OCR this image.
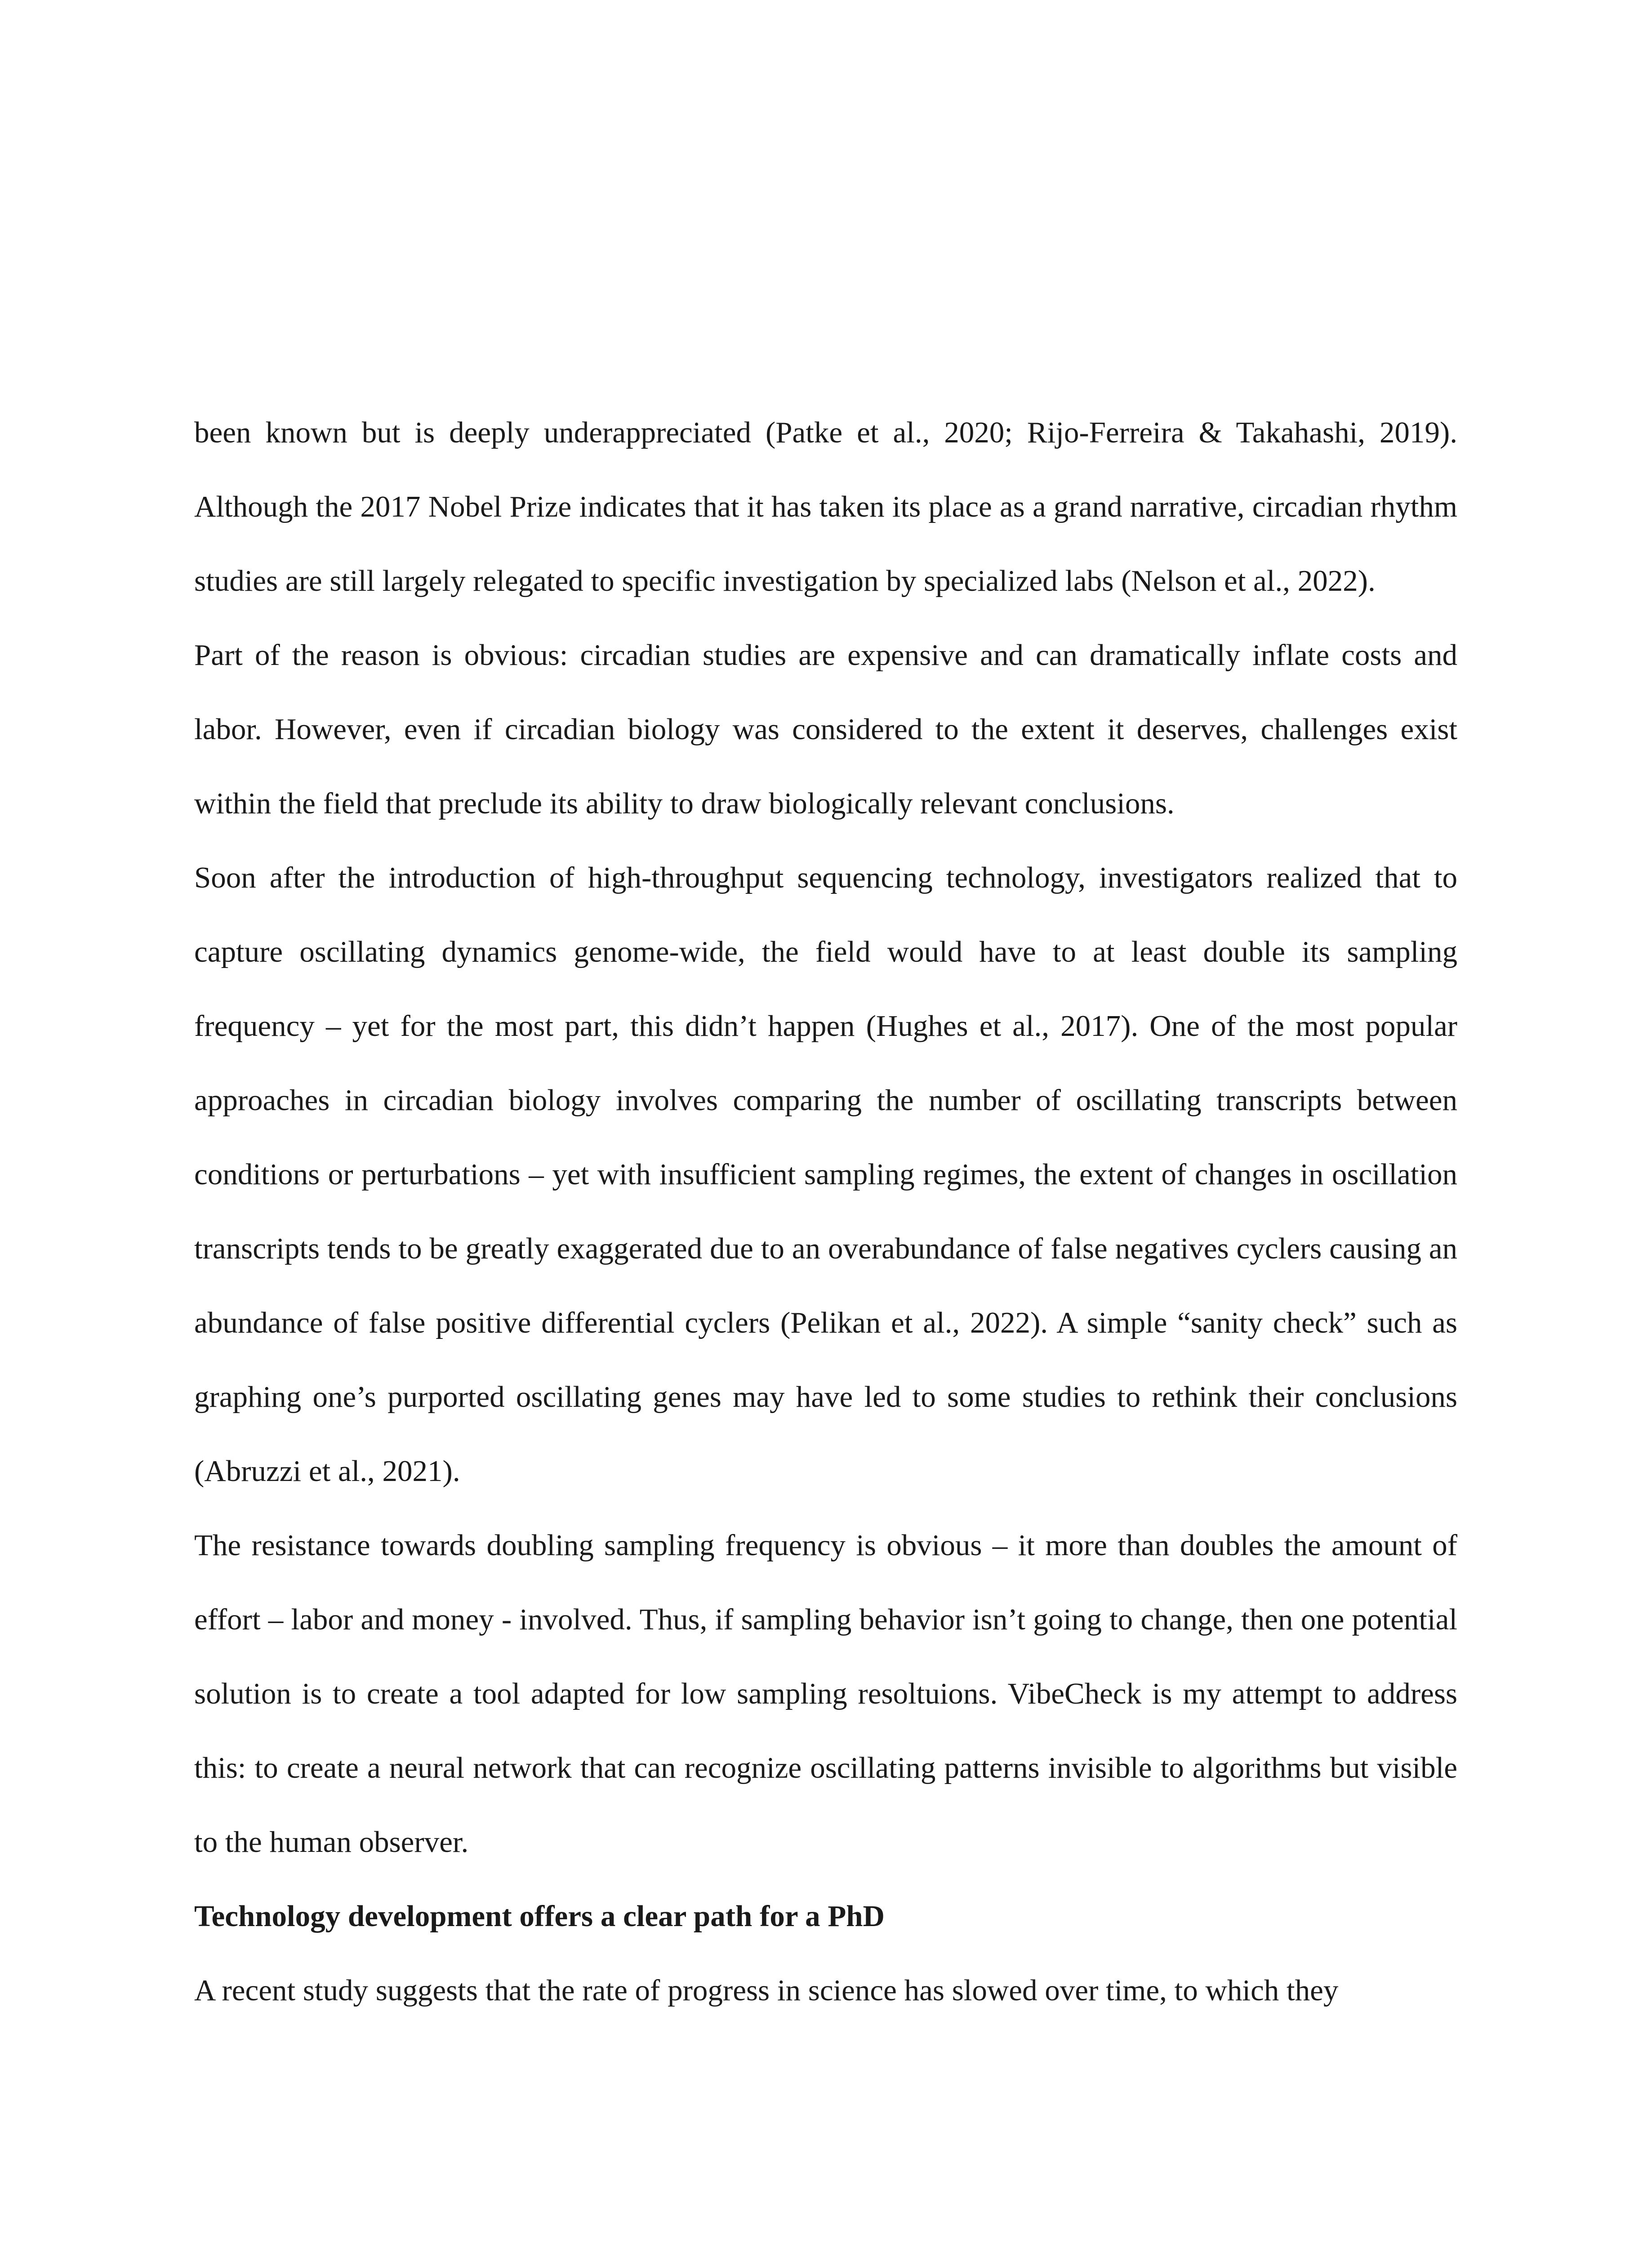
been known but is deeply underappreciated (Patke et al., 2020; Rijo-Ferreira & Takahashi, 2019). Although the 2017 Nobel Prize indicates that it has taken its place as a grand narrative, circadian rhythm studies are still largely relegated to specific investigation by specialized labs (Nelson et al., 2022).

Part of the reason is obvious: circadian studies are expensive and can dramatically inflate costs and labor. However, even if circadian biology was considered to the extent it deserves, challenges exist within the field that preclude its ability to draw biologically relevant conclusions.

Soon after the introduction of high-throughput sequencing technology, investigators realized that to capture oscillating dynamics genome-wide, the field would have to at least double its sampling frequency – yet for the most part, this didn’t happen (Hughes et al., 2017). One of the most popular approaches in circadian biology involves comparing the number of oscillating transcripts between conditions or perturbations – yet with insufficient sampling regimes, the extent of changes in oscillation transcripts tends to be greatly exaggerated due to an overabundance of false negatives cyclers causing an abundance of false positive differential cyclers (Pelikan et al., 2022). A simple “sanity check” such as graphing one’s purported oscillating genes may have led to some studies to rethink their conclusions (Abruzzi et al., 2021).

The resistance towards doubling sampling frequency is obvious – it more than doubles the amount of effort – labor and money - involved. Thus, if sampling behavior isn’t going to change, then one potential solution is to create a tool adapted for low sampling resoltuions. VibeCheck is my attempt to address this: to create a neural network that can recognize oscillating patterns invisible to algorithms but visible to the human observer.

Technology development offers a clear path for a PhD

A recent study suggests that the rate of progress in science has slowed over time, to which they
